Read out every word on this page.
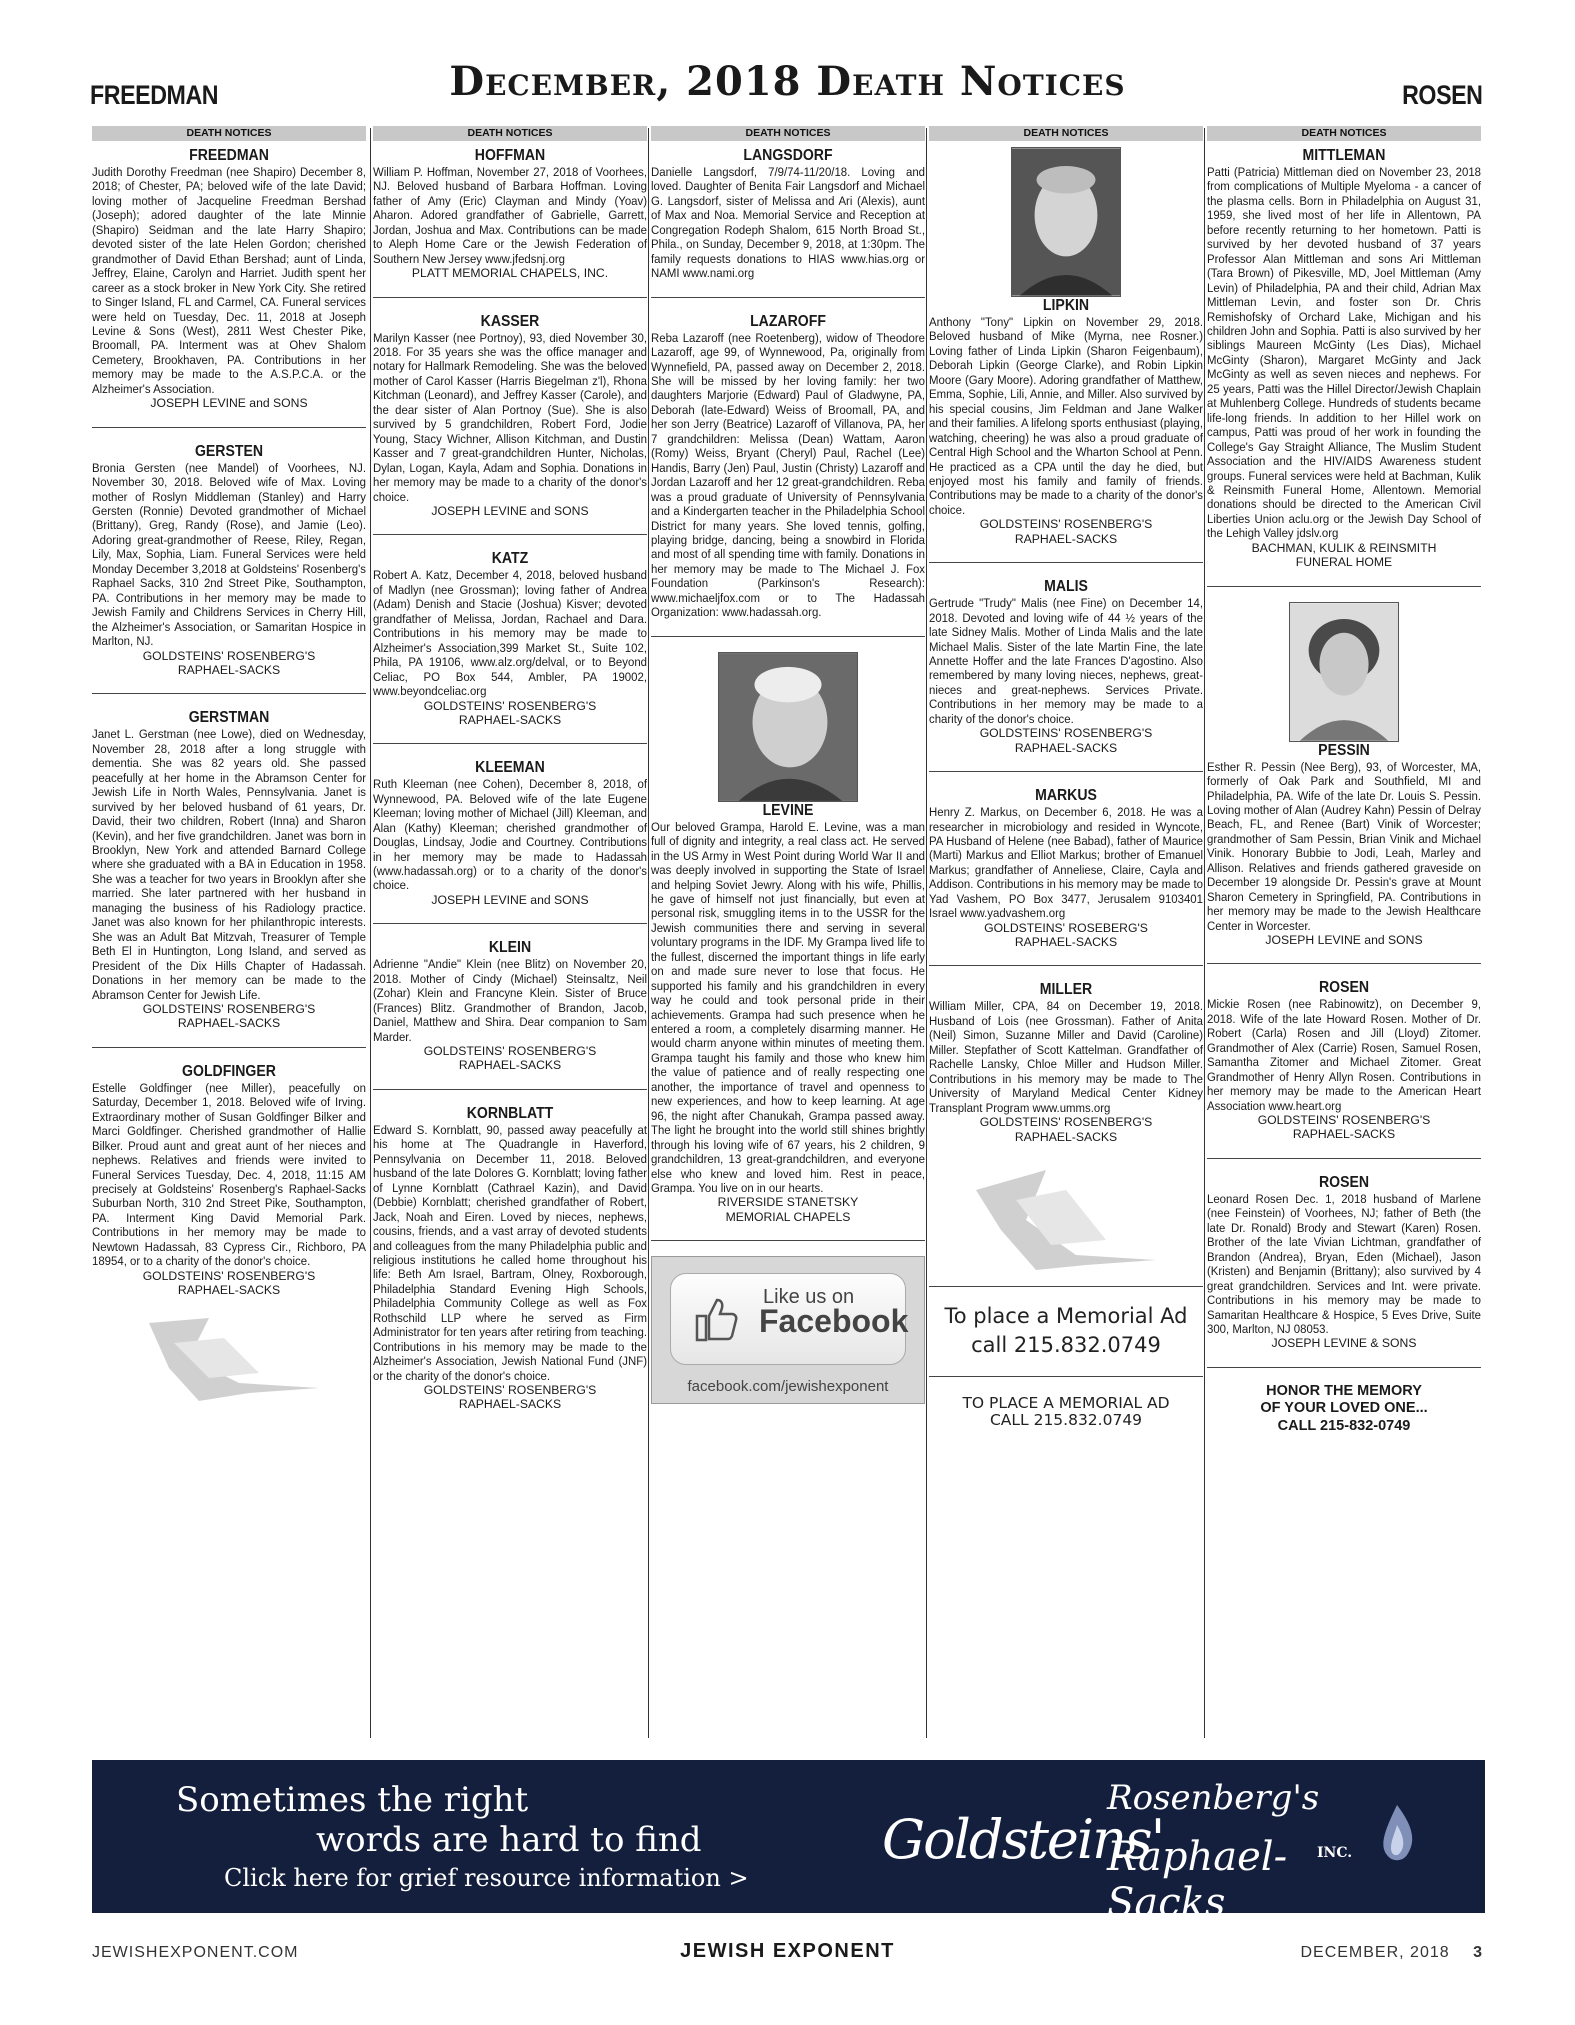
FREEDMAN	December, 2018 Death Notices	ROSEN
DEATH NOTICES
FREEDMAN
Judith Dorothy Freedman (nee Shapiro) December 8, 2018; of Chester, PA; beloved wife of the late David; loving mother of Jacqueline Freedman Bershad (Joseph); adored daughter of the late Minnie (Shapiro) Seidman and the late Harry Shapiro; devoted sister of the late Helen Gordon; cherished grandmother of David Ethan Bershad; aunt of Linda, Jeffrey, Elaine, Carolyn and Harriet. Judith spent her career as a stock broker in New York City. She retired to Singer Island, FL and Carmel, CA. Funeral services were held on Tuesday, Dec. 11, 2018 at Joseph Levine & Sons (West), 2811 West Chester Pike, Broomall, PA. Interment was at Ohev Shalom Cemetery, Brookhaven, PA. Contributions in her memory may be made to the A.S.P.C.A. or the Alzheimer's Association.
JOSEPH LEVINE and SONS
GERSTEN
Bronia Gersten (nee Mandel) of Voorhees, NJ. November 30, 2018. Beloved wife of Max. Loving mother of Roslyn Middleman (Stanley) and Harry Gersten (Ronnie) Devoted grandmother of Michael (Brittany), Greg, Randy (Rose), and Jamie (Leo). Adoring great-grandmother of Reese, Riley, Regan, Lily, Max, Sophia, Liam. Funeral Services were held Monday December 3,2018 at Goldsteins' Rosenberg's Raphael Sacks, 310 2nd Street Pike, Southampton, PA. Contributions in her memory may be made to Jewish Family and Childrens Services in Cherry Hill, the Alzheimer's Association, or Samaritan Hospice in Marlton, NJ.
GOLDSTEINS' ROSENBERG'S
RAPHAEL-SACKS
GERSTMAN
Janet L. Gerstman (nee Lowe), died on Wednesday, November 28, 2018 after a long struggle with dementia. She was 82 years old. She passed peacefully at her home in the Abramson Center for Jewish Life in North Wales, Pennsylvania. Janet is survived by her beloved husband of 61 years, Dr. David, their two children, Robert (Inna) and Sharon (Kevin), and her five grandchildren. Janet was born in Brooklyn, New York and attended Barnard College where she graduated with a BA in Education in 1958. She was a teacher for two years in Brooklyn after she married. She later partnered with her husband in managing the business of his Radiology practice. Janet was also known for her philanthropic interests. She was an Adult Bat Mitzvah, Treasurer of Temple Beth El in Huntington, Long Island, and served as President of the Dix Hills Chapter of Hadassah. Donations in her memory can be made to the Abramson Center for Jewish Life.
GOLDSTEINS' ROSENBERG'S
RAPHAEL-SACKS
GOLDFINGER
Estelle Goldfinger (nee Miller), peacefully on Saturday, December 1, 2018. Beloved wife of Irving. Extraordinary mother of Susan Goldfinger Bilker and Marci Goldfinger. Cherished grandmother of Hallie Bilker. Proud aunt and great aunt of her nieces and nephews. Relatives and friends were invited to Funeral Services Tuesday, Dec. 4, 2018, 11:15 AM precisely at Goldsteins' Rosenberg's Raphael-Sacks Suburban North, 310 2nd Street Pike, Southampton, PA. Interment King David Memorial Park. Contributions in her memory may be made to Newtown Hadassah, 83 Cypress Cir., Richboro, PA 18954, or to a charity of the donor's choice.
GOLDSTEINS' ROSENBERG'S
RAPHAEL-SACKS
DEATH NOTICES
HOFFMAN
William P. Hoffman, November 27, 2018 of Voorhees, NJ. Beloved husband of Barbara Hoffman. Loving father of Amy (Eric) Clayman and Mindy (Yoav) Aharon. Adored grandfather of Gabrielle, Garrett, Jordan, Joshua and Max. Contributions can be made to Aleph Home Care or the Jewish Federation of Southern New Jersey www.jfedsnj.org
PLATT MEMORIAL CHAPELS, INC.
KASSER
Marilyn Kasser (nee Portnoy), 93, died November 30, 2018. For 35 years she was the office manager and notary for Hallmark Remodeling. She was the beloved mother of Carol Kasser (Harris Biegelman z'l), Rhona Kitchman (Leonard), and Jeffrey Kasser (Carole), and the dear sister of Alan Portnoy (Sue). She is also survived by 5 grandchildren, Robert Ford, Jodie Young, Stacy Wichner, Allison Kitchman, and Dustin Kasser and 7 great-grandchildren Hunter, Nicholas, Dylan, Logan, Kayla, Adam and Sophia. Donations in her memory may be made to a charity of the donor's choice.
JOSEPH LEVINE and SONS
KATZ
Robert A. Katz, December 4, 2018, beloved husband of Madlyn (nee Grossman); loving father of Andrea (Adam) Denish and Stacie (Joshua) Kisver; devoted grandfather of Melissa, Jordan, Rachael and Dara. Contributions in his memory may be made to Alzheimer's Association,399 Market St., Suite 102, Phila, PA 19106, www.alz.org/delval, or to Beyond Celiac, PO Box 544, Ambler, PA 19002, www.beyondceliac.org
GOLDSTEINS' ROSENBERG'S
RAPHAEL-SACKS
KLEEMAN
Ruth Kleeman (nee Cohen), December 8, 2018, of Wynnewood, PA. Beloved wife of the late Eugene Kleeman; loving mother of Michael (Jill) Kleeman, and Alan (Kathy) Kleeman; cherished grandmother of Douglas, Lindsay, Jodie and Courtney. Contributions in her memory may be made to Hadassah (www.hadassah.org) or to a charity of the donor's choice.
JOSEPH LEVINE and SONS
KLEIN
Adrienne "Andie" Klein (nee Blitz) on November 20, 2018. Mother of Cindy (Michael) Steinsaltz, Neil (Zohar) Klein and Francyne Klein. Sister of Bruce (Frances) Blitz. Grandmother of Brandon, Jacob, Daniel, Matthew and Shira. Dear companion to Sam Marder.
GOLDSTEINS' ROSENBERG'S
RAPHAEL-SACKS
KORNBLATT
Edward S. Kornblatt, 90, passed away peacefully at his home at The Quadrangle in Haverford, Pennsylvania on December 11, 2018. Beloved husband of the late Dolores G. Kornblatt; loving father of Lynne Kornblatt (Cathrael Kazin), and David (Debbie) Kornblatt; cherished grandfather of Robert, Jack, Noah and Eiren. Loved by nieces, nephews, cousins, friends, and a vast array of devoted students and colleagues from the many Philadelphia public and religious institutions he called home throughout his life: Beth Am Israel, Bartram, Olney, Roxborough, Philadelphia Standard Evening High Schools, Philadelphia Community College as well as Fox Rothschild LLP where he served as Firm Administrator for ten years after retiring from teaching. Contributions in his memory may be made to the Alzheimer's Association, Jewish National Fund (JNF) or the charity of the donor's choice.
GOLDSTEINS' ROSENBERG'S
RAPHAEL-SACKS
DEATH NOTICES
LANGSDORF
Danielle Langsdorf, 7/9/74-11/20/18. Loving and loved. Daughter of Benita Fair Langsdorf and Michael G. Langsdorf, sister of Melissa and Ari (Alexis), aunt of Max and Noa. Memorial Service and Reception at Congregation Rodeph Shalom, 615 North Broad St., Phila., on Sunday, December 9, 2018, at 1:30pm. The family requests donations to HIAS www.hias.org or NAMI www.nami.org
LAZAROFF
Reba Lazaroff (nee Roetenberg), widow of Theodore Lazaroff, age 99, of Wynnewood, Pa, originally from Wynnefield, PA, passed away on December 2, 2018. She will be missed by her loving family: her two daughters Marjorie (Edward) Paul of Gladwyne, PA, Deborah (late-Edward) Weiss of Broomall, PA, and her son Jerry (Beatrice) Lazaroff of Villanova, PA, her 7 grandchildren: Melissa (Dean) Wattam, Aaron (Romy) Weiss, Bryant (Cheryl) Paul, Rachel (Lee) Handis, Barry (Jen) Paul, Justin (Christy) Lazaroff and Jordan Lazaroff and her 12 great-grandchildren. Reba was a proud graduate of University of Pennsylvania and a Kindergarten teacher in the Philadelphia School District for many years. She loved tennis, golfing, playing bridge, dancing, being a snowbird in Florida and most of all spending time with family. Donations in her memory may be made to The Michael J. Fox Foundation (Parkinson's Research): www.michaeljfox.com or to The Hadassah Organization: www.hadassah.org.
LEVINE
Our beloved Grampa, Harold E. Levine, was a man full of dignity and integrity, a real class act. He served in the US Army in West Point during World War II and was deeply involved in supporting the State of Israel and helping Soviet Jewry. Along with his wife, Phillis, he gave of himself not just financially, but even at personal risk, smuggling items in to the USSR for the Jewish communities there and serving in several voluntary programs in the IDF. My Grampa lived life to the fullest, discerned the important things in life early on and made sure never to lose that focus. He supported his family and his grandchildren in every way he could and took personal pride in their achievements. Grampa had such presence when he entered a room, a completely disarming manner. He would charm anyone within minutes of meeting them. Grampa taught his family and those who knew him the value of patience and of really respecting one another, the importance of travel and openness to new experiences, and how to keep learning. At age 96, the night after Chanukah, Grampa passed away. The light he brought into the world still shines brightly through his loving wife of 67 years, his 2 children, 9 grandchildren, 13 great-grandchildren, and everyone else who knew and loved him. Rest in peace, Grampa. You live on in our hearts.
RIVERSIDE STANETSKY
MEMORIAL CHAPELS
Like us on
Facebook
facebook.com/jewishexponent
DEATH NOTICES
LIPKIN
Anthony "Tony" Lipkin on November 29, 2018. Beloved husband of Mike (Myrna, nee Rosner.) Loving father of Linda Lipkin (Sharon Feigenbaum), Deborah Lipkin (George Clarke), and Robin Lipkin Moore (Gary Moore). Adoring grandfather of Matthew, Emma, Sophie, Lili, Annie, and Miller. Also survived by his special cousins, Jim Feldman and Jane Walker and their families. A lifelong sports enthusiast (playing, watching, cheering) he was also a proud graduate of Central High School and the Wharton School at Penn. He practiced as a CPA until the day he died, but enjoyed most his family and family of friends. Contributions may be made to a charity of the donor's choice.
GOLDSTEINS' ROSENBERG'S
RAPHAEL-SACKS
MALIS
Gertrude "Trudy" Malis (nee Fine) on December 14, 2018. Devoted and loving wife of 44 ½ years of the late Sidney Malis. Mother of Linda Malis and the late Michael Malis. Sister of the late Martin Fine, the late Annette Hoffer and the late Frances D'agostino. Also remembered by many loving nieces, nephews, great-nieces and great-nephews. Services Private. Contributions in her memory may be made to a charity of the donor's choice.
GOLDSTEINS' ROSENBERG'S
RAPHAEL-SACKS
MARKUS
Henry Z. Markus, on December 6, 2018. He was a researcher in microbiology and resided in Wyncote, PA Husband of Helene (nee Babad), father of Maurice (Marti) Markus and Elliot Markus; brother of Emanuel Markus; grandfather of Anneliese, Claire, Cayla and Addison. Contributions in his memory may be made to Yad Vashem, PO Box 3477, Jerusalem 9103401 Israel www.yadvashem.org
GOLDSTEINS' ROSEBERG'S
RAPHAEL-SACKS
MILLER
William Miller, CPA, 84 on December 19, 2018. Husband of Lois (nee Grossman). Father of Anita (Neil) Simon, Suzanne Miller and David (Caroline) Miller. Stepfather of Scott Kattelman. Grandfather of Rachelle Lansky, Chloe Miller and Hudson Miller. Contributions in his memory may be made to The University of Maryland Medical Center Kidney Transplant Program www.umms.org
GOLDSTEINS' ROSENBERG'S
RAPHAEL-SACKS
To place a Memorial Ad
call 215.832.0749
TO PLACE A MEMORIAL AD
CALL 215.832.0749
DEATH NOTICES
MITTLEMAN
Patti (Patricia) Mittleman died on November 23, 2018 from complications of Multiple Myeloma - a cancer of the plasma cells. Born in Philadelphia on August 31, 1959, she lived most of her life in Allentown, PA before recently returning to her hometown. Patti is survived by her devoted husband of 37 years Professor Alan Mittleman and sons Ari Mittleman (Tara Brown) of Pikesville, MD, Joel Mittleman (Amy Levin) of Philadelphia, PA and their child, Adrian Max Mittleman Levin, and foster son Dr. Chris Remishofsky of Orchard Lake, Michigan and his children John and Sophia. Patti is also survived by her siblings Maureen McGinty (Les Dias), Michael McGinty (Sharon), Margaret McGinty and Jack McGinty as well as seven nieces and nephews. For 25 years, Patti was the Hillel Director/Jewish Chaplain at Muhlenberg College. Hundreds of students became life-long friends. In addition to her Hillel work on campus, Patti was proud of her work in founding the College's Gay Straight Alliance, The Muslim Student Association and the HIV/AIDS Awareness student groups. Funeral services were held at Bachman, Kulik & Reinsmith Funeral Home, Allentown. Memorial donations should be directed to the American Civil Liberties Union aclu.org or the Jewish Day School of the Lehigh Valley jdslv.org
BACHMAN, KULIK & REINSMITH
FUNERAL HOME
PESSIN
Esther R. Pessin (Nee Berg), 93, of Worcester, MA, formerly of Oak Park and Southfield, MI and Philadelphia, PA. Wife of the late Dr. Louis S. Pessin. Loving mother of Alan (Audrey Kahn) Pessin of Delray Beach, FL, and Renee (Bart) Vinik of Worcester; grandmother of Sam Pessin, Brian Vinik and Michael Vinik. Honorary Bubbie to Jodi, Leah, Marley and Allison. Relatives and friends gathered graveside on December 19 alongside Dr. Pessin's grave at Mount Sharon Cemetery in Springfield, PA. Contributions in her memory may be made to the Jewish Healthcare Center in Worcester.
JOSEPH LEVINE and SONS
ROSEN
Mickie Rosen (nee Rabinowitz), on December 9, 2018. Wife of the late Howard Rosen. Mother of Dr. Robert (Carla) Rosen and Jill (Lloyd) Zitomer. Grandmother of Alex (Carrie) Rosen, Samuel Rosen, Samantha Zitomer and Michael Zitomer. Great Grandmother of Henry Allyn Rosen. Contributions in her memory may be made to the American Heart Association www.heart.org
GOLDSTEINS' ROSENBERG'S
RAPHAEL-SACKS
ROSEN
Leonard Rosen Dec. 1, 2018 husband of Marlene (nee Feinstein) of Voorhees, NJ; father of Beth (the late Dr. Ronald) Brody and Stewart (Karen) Rosen. Brother of the late Vivian Lichtman, grandfather of Brandon (Andrea), Bryan, Eden (Michael), Jason (Kristen) and Benjamin (Brittany); also survived by 4 great grandchildren. Services and Int. were private. Contributions in his memory may be made to Samaritan Healthcare & Hospice, 5 Eves Drive, Suite 300, Marlton, NJ 08053.
JOSEPH LEVINE & SONS
HONOR THE MEMORY
OF YOUR LOVED ONE...
CALL 215-832-0749
Sometimes the right
words are hard to find
Click here for grief resource information >
Goldsteins'
Rosenberg's
Raphael-Sacks
INC.
JEWISHEXPONENT.COM	JEWISH EXPONENT	DECEMBER, 2018 3
